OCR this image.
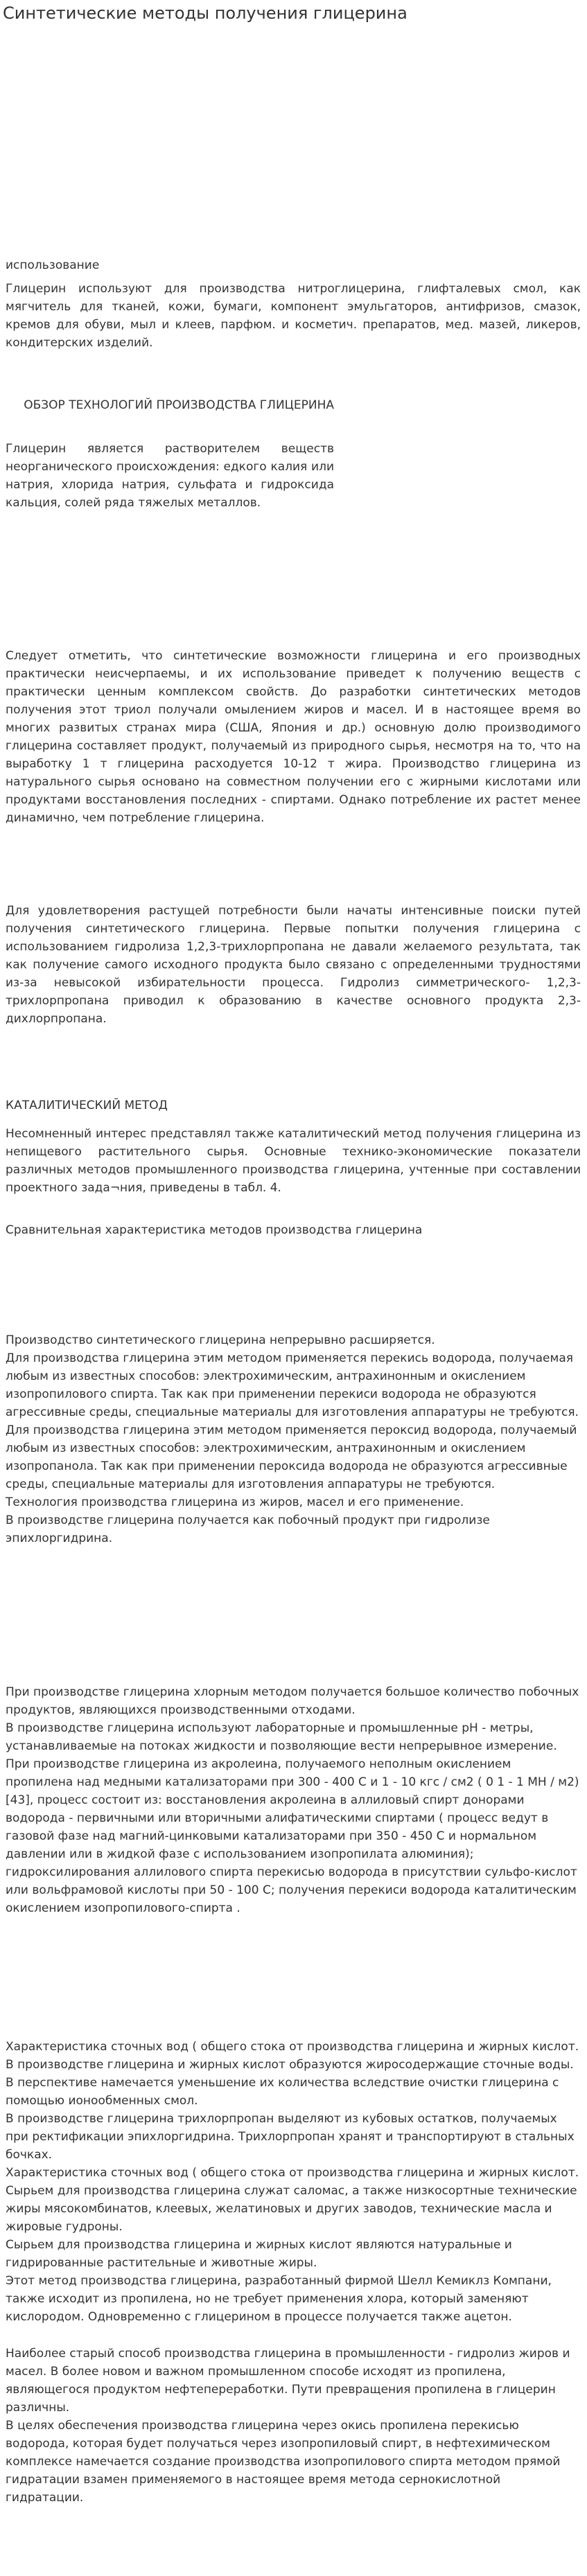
Синтетические методы получения глицерина
использование
Глицерин используют для производства нитроглицерина, глифталевых смол, как мягчитель для тканей, кожи, бумаги, компонент эмульгаторов, антифризов, смазок, кремов для обуви, мыл и клеев, парфюм. и косметич. препаратов, мед. мазей, ликеров, кондитерских изделий.
ОБЗОР ТЕХНОЛОГИЙ ПРОИЗВОДСТВА ГЛИЦЕРИНА
Глицерин является растворителем веществ неорганического происхождения: едкого калия или натрия, хлорида натрия, сульфата и гидроксида кальция, солей ряда тяжелых металлов.
Следует отметить, что синтетические возможности глицерина и его производных практически неисчерпаемы, и их использование приведет к получению веществ с практически ценным комплексом свойств. До разработки синтетических методов получения этот триол получали омылением жиров и масел. И в настоящее время во многих развитых странах мира (США, Япония и др.) основную долю производимого глицерина составляет продукт, получаемый из природного сырья, несмотря на то, что на выработку 1 т глицерина расходуется 10-12 т жира. Производство глицерина из натурального сырья основано на совместном получении его с жирными кислотами или продуктами восстановления последних - спиртами. Однако потребление их растет менее динамично, чем потребление глицерина.
Для удовлетворения растущей потребности были начаты интенсивные поиски путей получения синтетического глицерина. Первые попытки получения глицерина с использованием гидролиза 1,2,3-трихлорпропана не давали желаемого результата, так как получение самого исходного продукта было связано с определенными трудностями из-за невысокой избирательности процесса. Гидролиз симметрического- 1,2,3-трихлорпропана приводил к образованию в качестве основного продукта 2,3-дихлорпропана.
КАТАЛИТИЧЕСКИЙ МЕТОД
Несомненный интерес представлял также каталитический метод получения глицерина из непищевого растительного сырья. Основные технико-экономические показатели различных методов промышленного производства глицерина, учтенные при составлении проектного зада¬ния, приведены в табл. 4.
Сравнительная характеристика методов производства глицерина

Производство синтетического глицерина непрерывно расширяется.

Для производства глицерина этим методом применяется перекись водорода, получаемая любым из известных способов: электрохимическим, антрахинонным и окислением изопропилового спирта. Так как при применении перекиси водорода не образуются агрессивные среды, специальные материалы для изготовления аппаратуры не требуются.

Для производства глицерина этим методом применяется пероксид водорода, получаемый любым из известных способов: электрохимическим, антрахинонным и окислением изопропанола. Так как при применении пероксида водорода не образуются агрессивные среды, специальные материалы для изготовления аппаратуры не требуются.

Технология производства глицерина из жиров, масел и его применение.

В производстве глицерина получается как побочный продукт при гидролизе эпихлоргидрина.

При производстве глицерина хлорным методом получается большое количество побочных продуктов, являющихся производственными отходами.

В производстве глицерина используют лабораторные и промышленные рН - метры, устанавливаемые на потоках жидкости и позволяющие вести непрерывное измерение.

При производстве глицерина из акролеина, получаемого неполным окислением пропилена над медными катализаторами при 300 - 400 С и 1 - 10 кгс / см2 ( 0 1 - 1 МН / м2) [43], процесс состоит из: восстановления акролеина в аллиловый спирт донорами водорода - первичными или вторичными алифатическими спиртами ( процесс ведут в газовой фазе над магний-цинковыми катализаторами при 350 - 450 С и нормальном давлении или в жидкой фазе с использованием изопропилата алюминия); гидроксилирования аллилового спирта перекисью водорода в присутствии сульфо-кислот или вольфрамовой кислоты при 50 - 100 С; получения перекиси водорода каталитическим окислением изопропилового-спирта .

Характеристика сточных вод ( общего стока от производства глицерина и жирных кислот. В производстве глицерина и жирных кислот образуются жиросодержащие сточные воды. В перспективе намечается уменьшение их количества вследствие очистки глицерина с помощью ионообменных смол.

В производстве глицерина трихлорпропан выделяют из кубовых остатков, получаемых при ректификации эпихлоргидрина. Трихлорпропан хранят и транспортируют в стальных бочках.

Характеристика сточных вод ( общего стока от производства глицерина и жирных кислот. Сырьем для производства глицерина служат саломас, а также низкосортные технические жиры мясокомбинатов, клеевых, желатиновых и других заводов, технические масла и жировые гудроны.

Сырьем для производства глицерина и жирных кислот являются натуральные и гидрированные растительные и животные жиры.

Этот метод производства глицерина, разработанный фирмой Шелл Кемиклз Компани, также исходит из пропилена, но не требует применения хлора, который заменяют кислородом. Одновременно с глицерином в процессе получается также ацетон.

Наиболее старый способ производства глицерина в промышленности - гидролиз жиров и масел. В более новом и важном промышленном способе исходят из пропилена, являющегося продуктом нефтепереработки. Пути превращения пропилена в глицерин различны.

В целях обеспечения производства глицерина через окись пропилена перекисью водорода, которая будет получаться через изопропиловый спирт, в нефтехимическом комплексе намечается создание производства изопропилового спирта методом прямой гидратации взамен применяемого в настоящее время метода сернокислотной гидратации.
